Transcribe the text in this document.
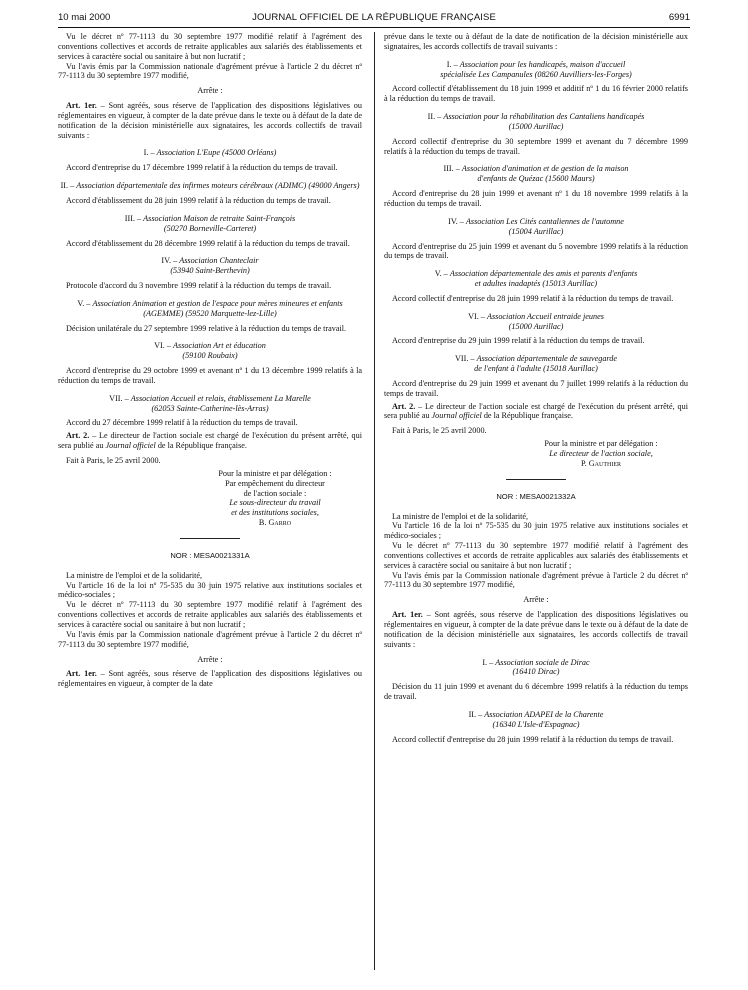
10 mai 2000	JOURNAL OFFICIEL DE LA RÉPUBLIQUE FRANÇAISE	6991

Vu le décret nº 77-1113 du 30 septembre 1977 modifié relatif à l'agrément des conventions collectives et accords de retraite applicables aux salariés des établissements et services à caractère social ou sanitaire à but non lucratif ;

Vu l'avis émis par la Commission nationale d'agrément prévue à l'article 2 du décret nº 77-1113 du 30 septembre 1977 modifié,

Arrête :

Art. 1er. – Sont agréés, sous réserve de l'application des dispositions législatives ou réglementaires en vigueur, à compter de la date prévue dans le texte ou à défaut de la date de notification de la décision ministérielle aux signataires, les accords collectifs de travail suivants :

I. – Association L'Eupe (45000 Orléans)

Accord d'entreprise du 17 décembre 1999 relatif à la réduction du temps de travail.

II. – Association départementale des infirmes moteurs cérébraux (ADIMC) (49000 Angers)

Accord d'établissement du 28 juin 1999 relatif à la réduction du temps de travail.

III. – Association Maison de retraite Saint-François
(50270 Borneville-Carteret)

Accord d'établissement du 28 décembre 1999 relatif à la réduction du temps de travail.

IV. – Association Chanteclair
(53940 Saint-Berthevin)

Protocole d'accord du 3 novembre 1999 relatif à la réduction du temps de travail.

V. – Association Animation et gestion de l'espace pour mères mineures et enfants (AGEMME) (59520 Marquette-lez-Lille)

Décision unilatérale du 27 septembre 1999 relative à la réduction du temps de travail.

VI. – Association Art et éducation
(59100 Roubaix)

Accord d'entreprise du 29 octobre 1999 et avenant nº 1 du 13 décembre 1999 relatifs à la réduction du temps de travail.

VII. – Association Accueil et relais, établissement La Marelle
(62053 Sainte-Catherine-lès-Arras)

Accord du 27 décembre 1999 relatif à la réduction du temps de travail.

Art. 2. – Le directeur de l'action sociale est chargé de l'exécution du présent arrêté, qui sera publié au Journal officiel de la République française.

Fait à Paris, le 25 avril 2000.

Pour la ministre et par délégation :

Par empêchement du directeur

de l'action sociale :

Le sous-directeur du travail

et des institutions sociales,

B. Garro

NOR : MESA0021331A

La ministre de l'emploi et de la solidarité,

Vu l'article 16 de la loi nº 75-535 du 30 juin 1975 relative aux institutions sociales et médico-sociales ;

Vu le décret nº 77-1113 du 30 septembre 1977 modifié relatif à l'agrément des conventions collectives et accords de retraite applicables aux salariés des établissements et services à caractère social ou sanitaire à but non lucratif ;

Vu l'avis émis par la Commission nationale d'agrément prévue à l'article 2 du décret nº 77-1113 du 30 septembre 1977 modifié,

Arrête :

Art. 1er. – Sont agréés, sous réserve de l'application des dispositions législatives ou réglementaires en vigueur, à compter de la date

prévue dans le texte ou à défaut de la date de notification de la décision ministérielle aux signataires, les accords collectifs de travail suivants :

I. – Association pour les handicapés, maison d'accueil
spécialisée Les Campanules (08260 Auvilliers-les-Forges)

Accord collectif d'établissement du 18 juin 1999 et additif nº 1 du 16 février 2000 relatifs à la réduction du temps de travail.

II. – Association pour la réhabilitation des Cantaliens handicapés
(15000 Aurillac)

Accord collectif d'entreprise du 30 septembre 1999 et avenant du 7 décembre 1999 relatifs à la réduction du temps de travail.

III. – Association d'animation et de gestion de la maison
d'enfants de Quézac (15600 Maurs)

Accord d'entreprise du 28 juin 1999 et avenant nº 1 du 18 novembre 1999 relatifs à la réduction du temps de travail.

IV. – Association Les Cités cantaliennes de l'automne
(15004 Aurillac)

Accord d'entreprise du 25 juin 1999 et avenant du 5 novembre 1999 relatifs à la réduction du temps de travail.

V. – Association départementale des amis et parents d'enfants
et adultes inadaptés (15013 Aurillac)

Accord collectif d'entreprise du 28 juin 1999 relatif à la réduction du temps de travail.

VI. – Association Accueil entraide jeunes
(15000 Aurillac)

Accord d'entreprise du 29 juin 1999 relatif à la réduction du temps de travail.

VII. – Association départementale de sauvegarde
de l'enfant à l'adulte (15018 Aurillac)

Accord d'entreprise du 29 juin 1999 et avenant du 7 juillet 1999 relatifs à la réduction du temps de travail.

Art. 2. – Le directeur de l'action sociale est chargé de l'exécution du présent arrêté, qui sera publié au Journal officiel de la République française.

Fait à Paris, le 25 avril 2000.

Pour la ministre et par délégation :

Le directeur de l'action sociale,

P. Gauthier

NOR : MESA0021332A

La ministre de l'emploi et de la solidarité,

Vu l'article 16 de la loi nº 75-535 du 30 juin 1975 relative aux institutions sociales et médico-sociales ;

Vu le décret nº 77-1113 du 30 septembre 1977 modifié relatif à l'agrément des conventions collectives et accords de retraite applicables aux salariés des établissements et services à caractère social ou sanitaire à but non lucratif ;

Vu l'avis émis par la Commission nationale d'agrément prévue à l'article 2 du décret nº 77-1113 du 30 septembre 1977 modifié,

Arrête :

Art. 1er. – Sont agréés, sous réserve de l'application des dispositions législatives ou réglementaires en vigueur, à compter de la date prévue dans le texte ou à défaut de la date de notification de la décision ministérielle aux signataires, les accords collectifs de travail suivants :

I. – Association sociale de Dirac
(16410 Dirac)

Décision du 11 juin 1999 et avenant du 6 décembre 1999 relatifs à la réduction du temps de travail.

II. – Association ADAPEI de la Charente
(16340 L'Isle-d'Espagnac)

Accord collectif d'entreprise du 28 juin 1999 relatif à la réduction du temps de travail.
